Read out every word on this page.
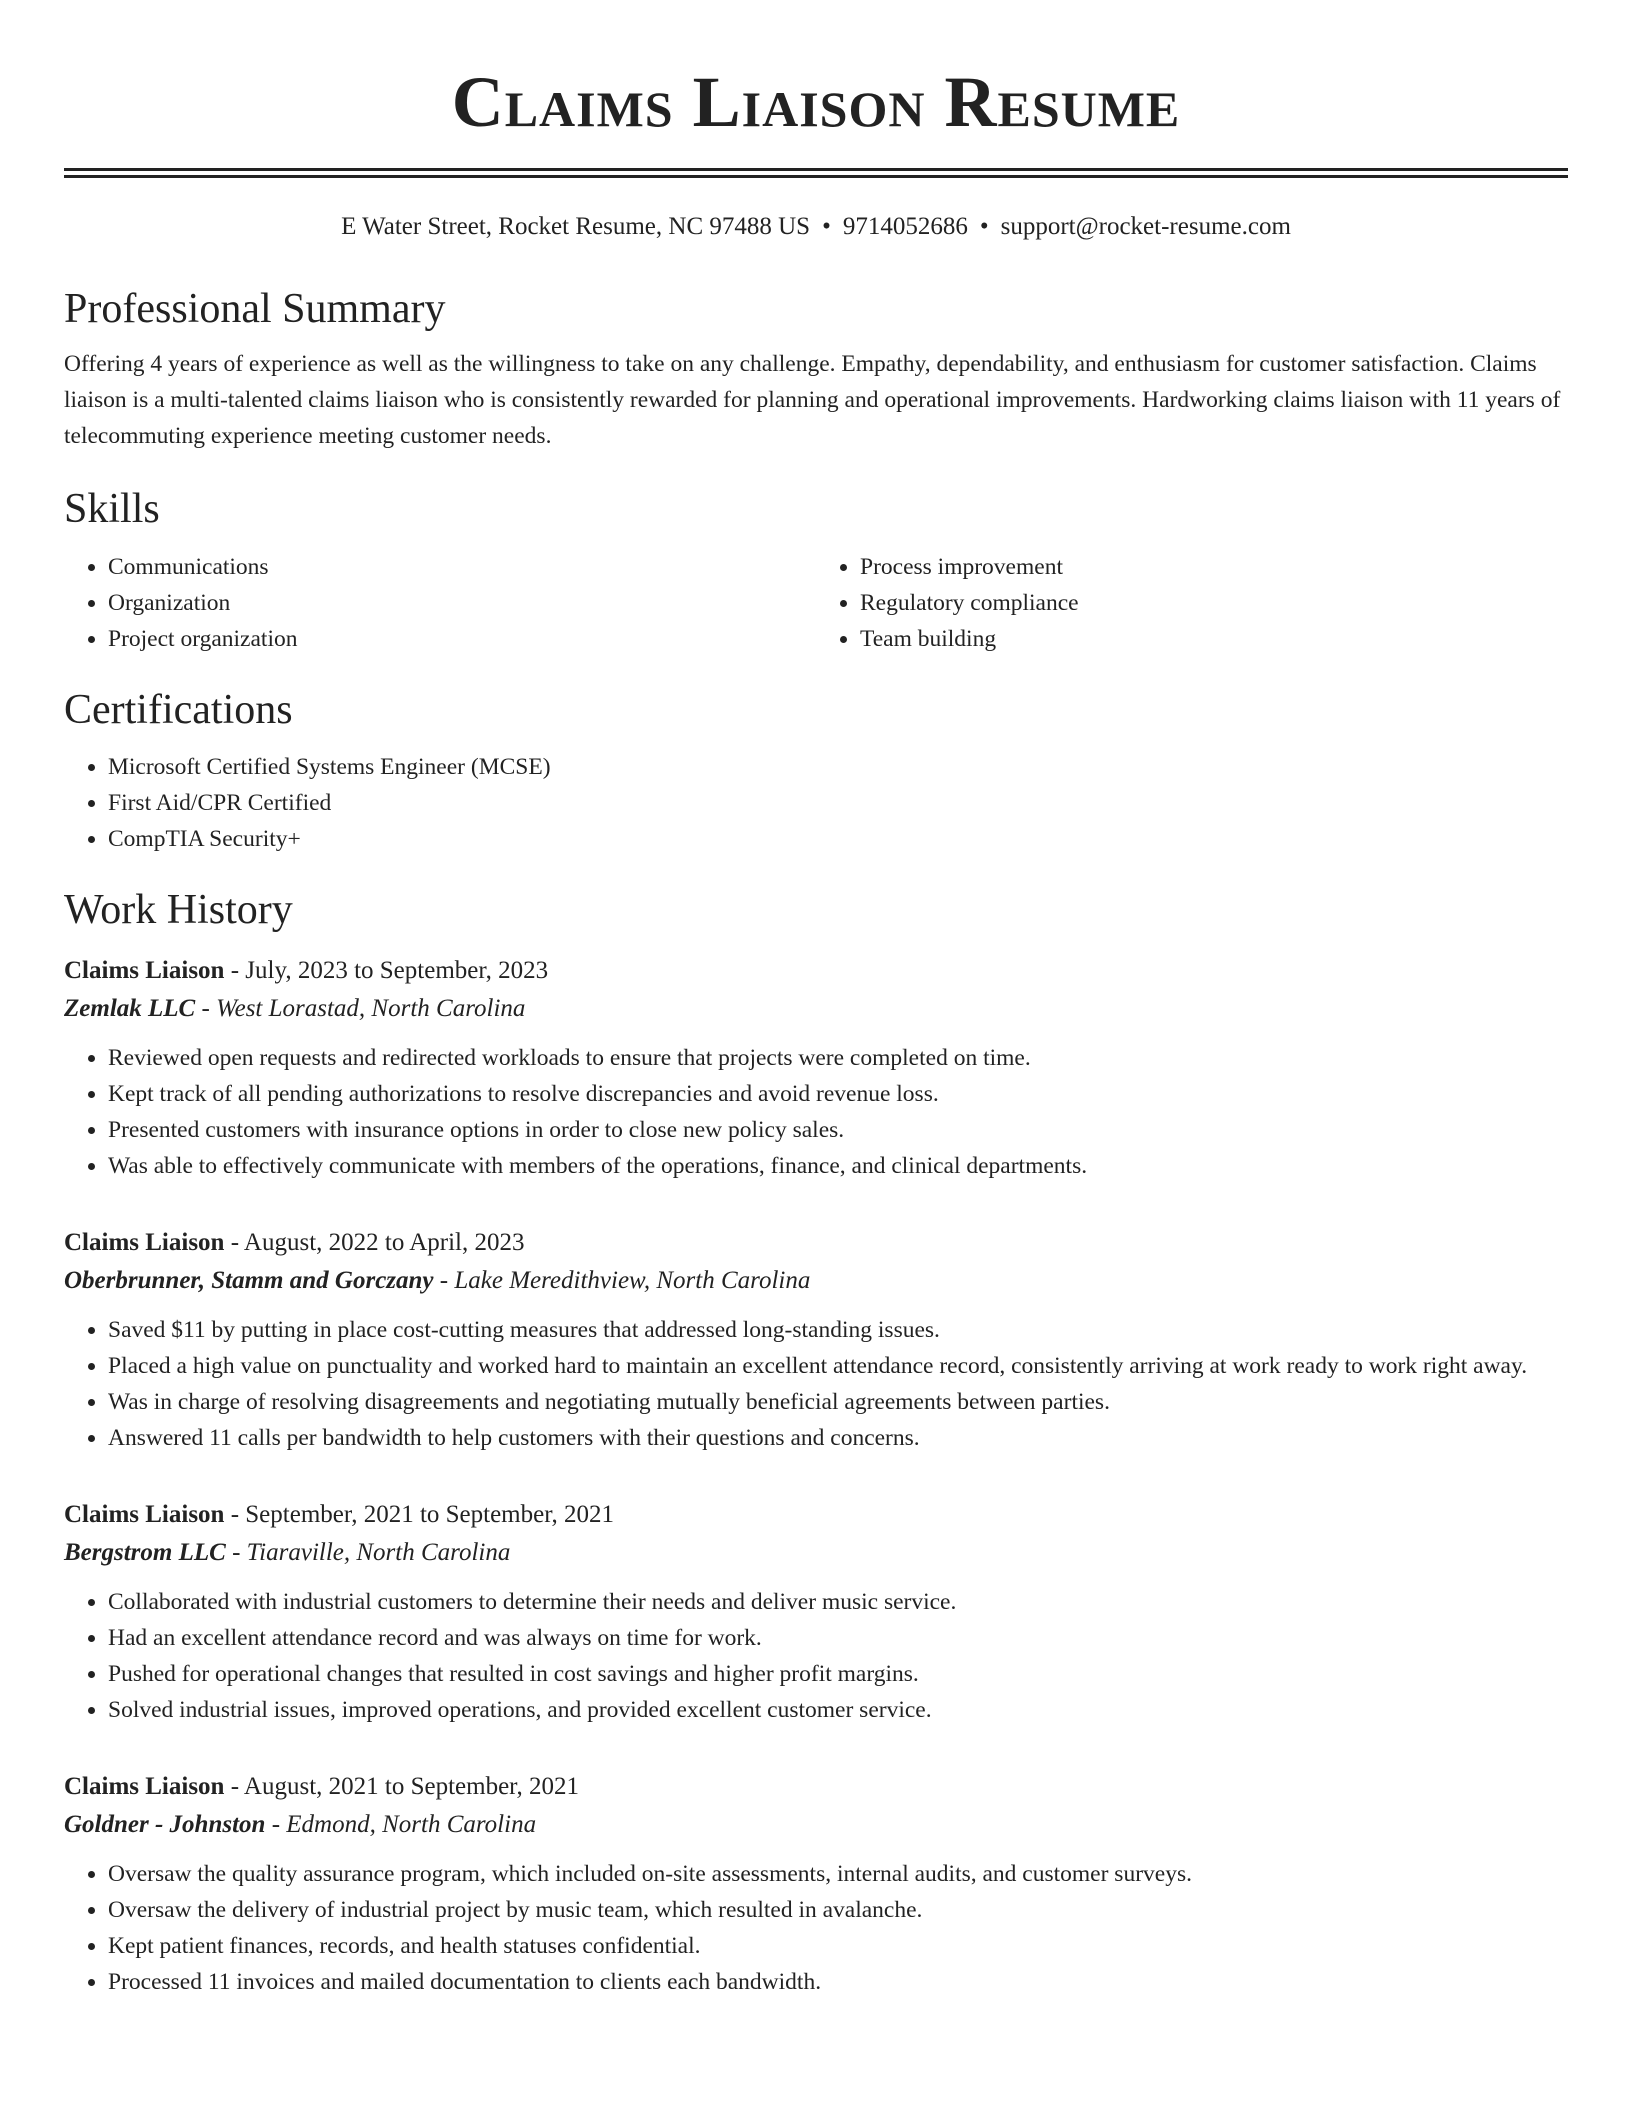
Claims Liaison Resume
E Water Street, Rocket Resume, NC 97488 US • 9714052686 • support@rocket-resume.com
Professional Summary

Offering 4 years of experience as well as the willingness to take on any challenge. Empathy, dependability, and enthusiasm for customer satisfaction. Claims liaison is a multi-talented claims liaison who is consistently rewarded for planning and operational improvements. Hardworking claims liaison with 11 years of telecommuting experience meeting customer needs.

Skills
• Communications
• Organization
• Project organization
• Process improvement
• Regulatory compliance
• Team building
Certifications
• Microsoft Certified Systems Engineer (MCSE)
• First Aid/CPR Certified
• CompTIA Security+
Work History
Claims Liaison - July, 2023 to September, 2023
Zemlak LLC - West Lorastad, North Carolina
• Reviewed open requests and redirected workloads to ensure that projects were completed on time.
• Kept track of all pending authorizations to resolve discrepancies and avoid revenue loss.
• Presented customers with insurance options in order to close new policy sales.
• Was able to effectively communicate with members of the operations, finance, and clinical departments.
Claims Liaison - August, 2022 to April, 2023
Oberbrunner, Stamm and Gorczany - Lake Meredithview, North Carolina
• Saved $11 by putting in place cost-cutting measures that addressed long-standing issues.
• Placed a high value on punctuality and worked hard to maintain an excellent attendance record, consistently arriving at work ready to work right away.
• Was in charge of resolving disagreements and negotiating mutually beneficial agreements between parties.
• Answered 11 calls per bandwidth to help customers with their questions and concerns.
Claims Liaison - September, 2021 to September, 2021
Bergstrom LLC - Tiaraville, North Carolina
• Collaborated with industrial customers to determine their needs and deliver music service.
• Had an excellent attendance record and was always on time for work.
• Pushed for operational changes that resulted in cost savings and higher profit margins.
• Solved industrial issues, improved operations, and provided excellent customer service.
Claims Liaison - August, 2021 to September, 2021
Goldner - Johnston - Edmond, North Carolina
• Oversaw the quality assurance program, which included on-site assessments, internal audits, and customer surveys.
• Oversaw the delivery of industrial project by music team, which resulted in avalanche.
• Kept patient finances, records, and health statuses confidential.
• Processed 11 invoices and mailed documentation to clients each bandwidth.
